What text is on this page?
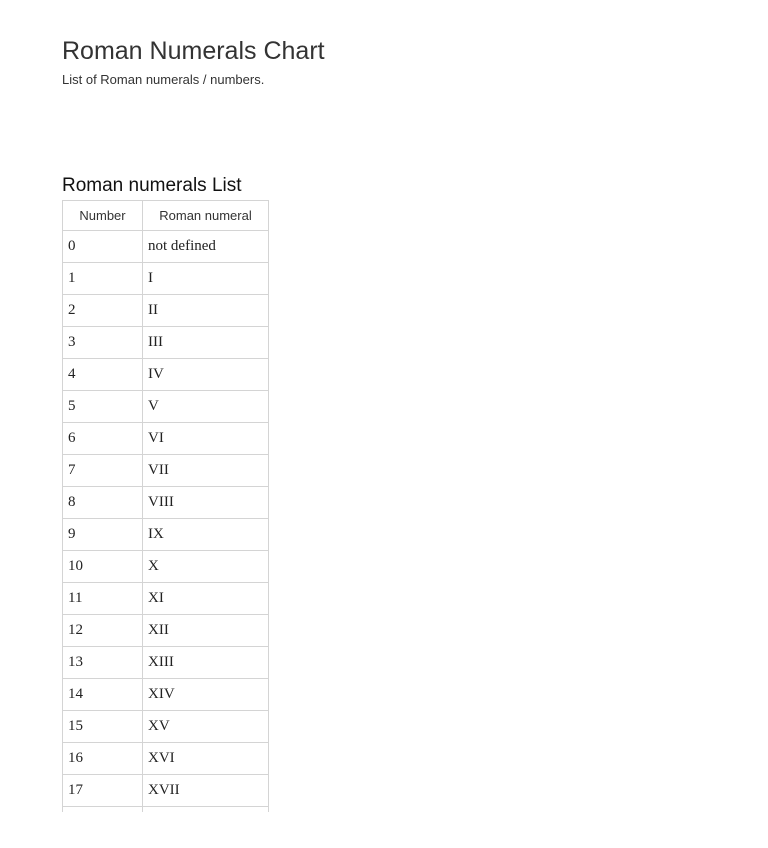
Roman Numerals Chart

List of Roman numerals / numbers.

Roman numerals List
Number	Roman numeral
0	not defined
1	I
2	II
3	III
4	IV
5	V
6	VI
7	VII
8	VIII
9	IX
10	X
11	XI
12	XII
13	XIII
14	XIV
15	XV
16	XVI
17	XVII
